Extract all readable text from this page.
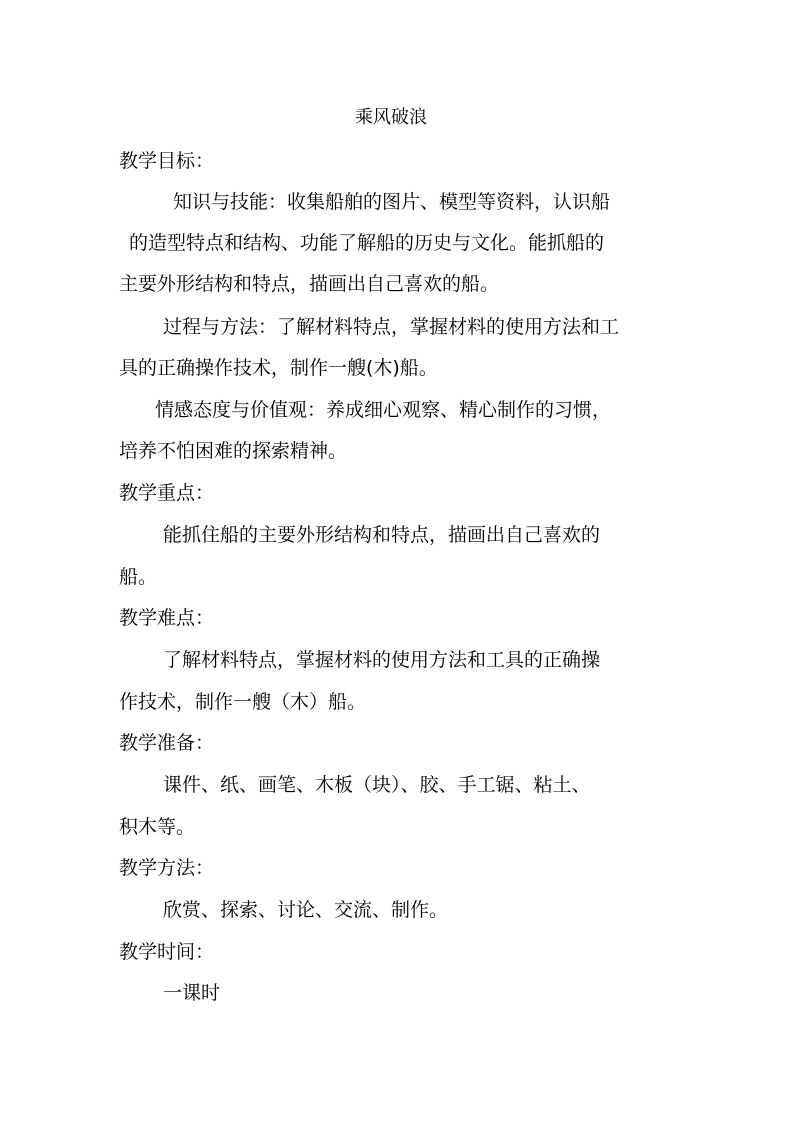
乘风破浪
教学目标：
知识与技能：收集船舶的图片、模型等资料，认识船
的造型特点和结构、功能了解船的历史与文化。能抓船的
主要外形结构和特点，描画出自己喜欢的船。
过程与方法：了解材料特点，掌握材料的使用方法和工
具的正确操作技术，制作一艘(木)船。
情感态度与价值观：养成细心观察、精心制作的习惯，
培养不怕困难的探索精神。
教学重点：
能抓住船的主要外形结构和特点，描画出自己喜欢的
船。
教学难点：
了解材料特点，掌握材料的使用方法和工具的正确操
作技术，制作一艘（木）船。
教学准备：
课件、纸、画笔、木板（块）、胶、手工锯、粘土、
积木等。
教学方法：
欣赏、探索、讨论、交流、制作。
教学时间：
一课时
